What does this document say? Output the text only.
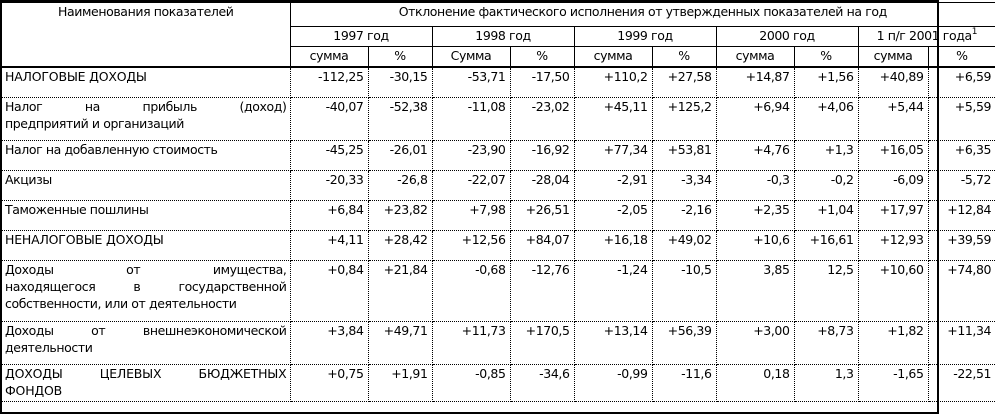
Наименования показателей	Отклонение фактического исполнения от утвержденных показателей на год									
	1997 год		1998 год		1999 год		2000 год		1 п/г 2001 года$^1$
	сумма	%	Сумма	%	сумма	%	сумма	%	сумма	%

НАЛОГОВЫЕ ДОХОДЫ	-112,25	-30,15	-53,71	-17,50	+110,2	+27,58	+14,87	+1,56	+40,89	+6,59

Налог на прибыль (доход)
предприятий и организаций	-40,07	-52,38	-11,08	-23,02	+45,11	+125,2	+6,94	+4,06	+5,44	+5,59

Налог на добавленную стоимость	-45,25	-26,01	-23,90	-16,92	+77,34	+53,81	+4,76	+1,3	+16,05	+6,35

Акцизы	-20,33	-26,8	-22,07	-28,04	-2,91	-3,34	-0,3	-0,2	-6,09	-5,72

Таможенные пошлины	+6,84	+23,82	+7,98	+26,51	-2,05	-2,16	+2,35	+1,04	+17,97	+12,84

НЕНАЛОГОВЫЕ ДОХОДЫ	+4,11	+28,42	+12,56	+84,07	+16,18	+49,02	+10,6	+16,61	+12,93	+39,59

Доходы от имущества,
находящегося в государственной
собственности, или от деятельности	+0,84	+21,84	-0,68	-12,76	-1,24	-10,5	3,85	12,5	+10,60	+74,80

Доходы от внешнеэкономической
деятельности	+3,84	+49,71	+11,73	+170,5	+13,14	+56,39	+3,00	+8,73	+1,82	+11,34

ДОХОДЫ ЦЕЛЕВЫХ БЮДЖЕТНЫХ
ФОНДОВ	+0,75	+1,91	-0,85	-34,6	-0,99	-11,6	0,18	1,3	-1,65	-22,51
